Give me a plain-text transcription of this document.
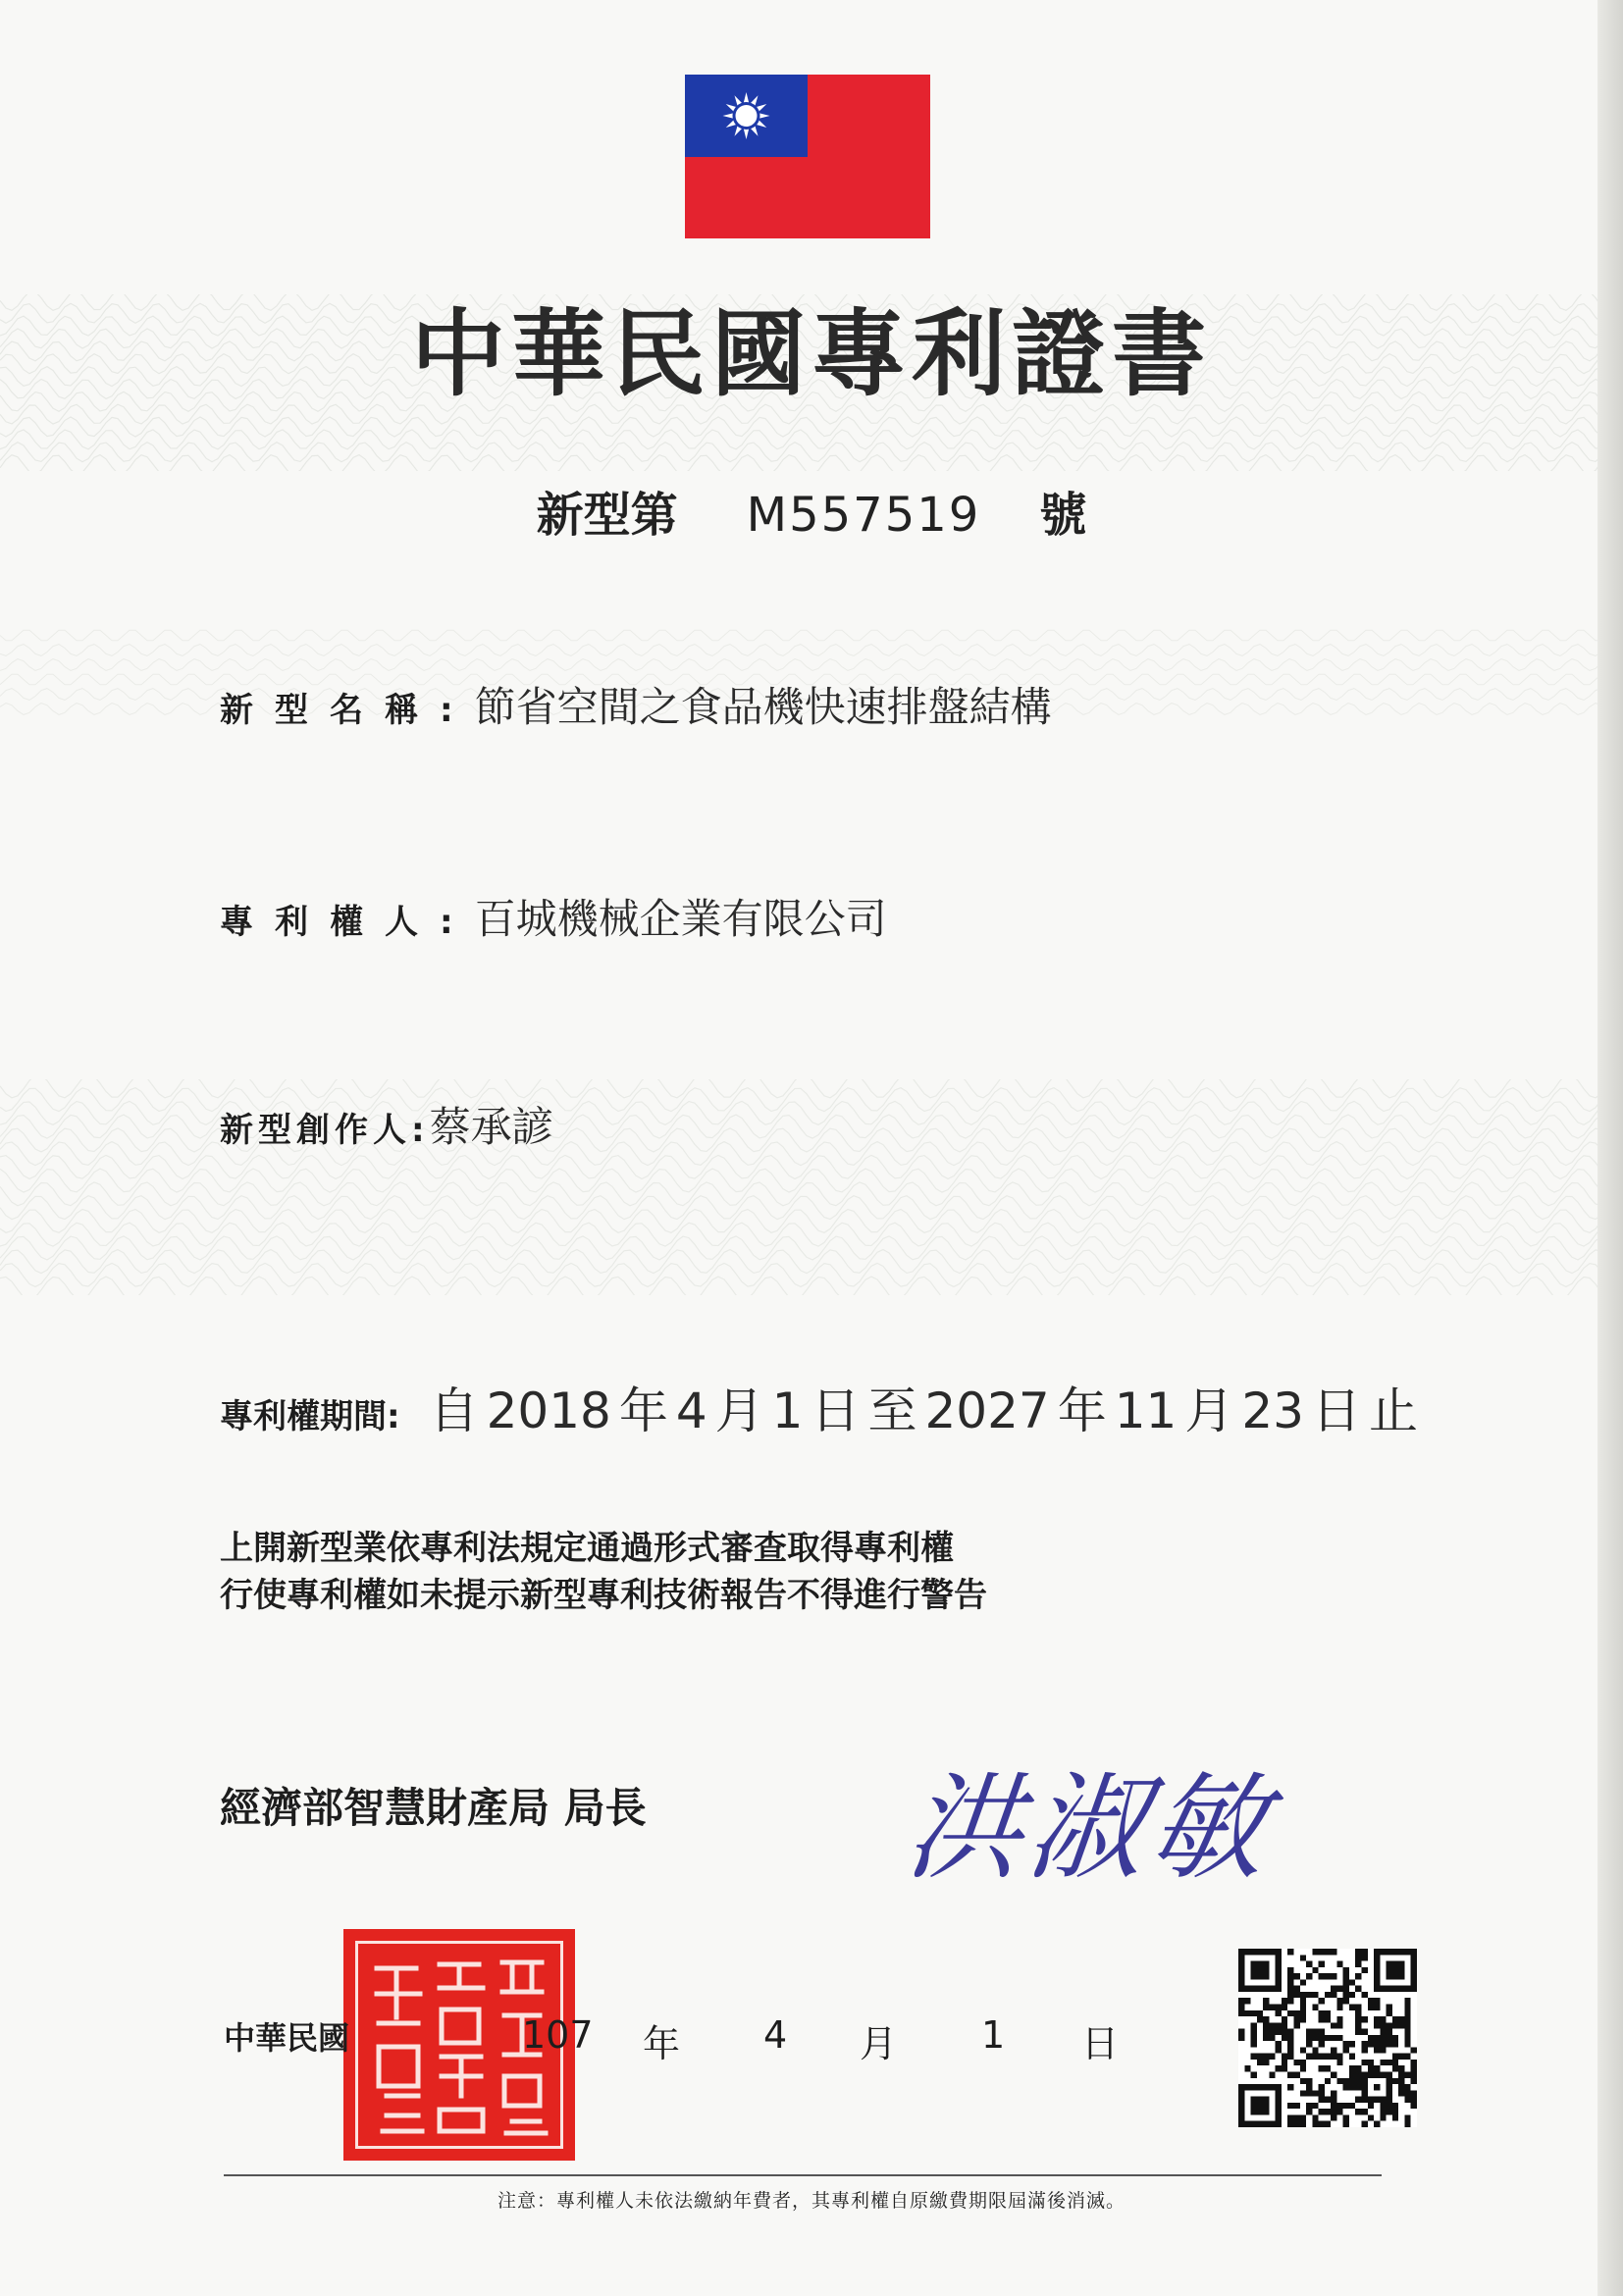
中華民國專利證書
新型第 M557519 號
新型名稱: 節省空間之食品機快速排盤結構
專利權人: 百城機械企業有限公司
新型創作人: 蔡承諺
專利權期間: 自 2018 年 4 月 1 日 至 2027 年 11 月 23 日 止
上開新型業依專利法規定通過形式審查取得專利權
行使專利權如未提示新型專利技術報告不得進行警告
經濟部智慧財產局 局長 洪淑敏
中華民國	107 年 4 月 1 日
注意：專利權人未依法繳納年費者，其專利權自原繳費期限屆滿後消滅。
